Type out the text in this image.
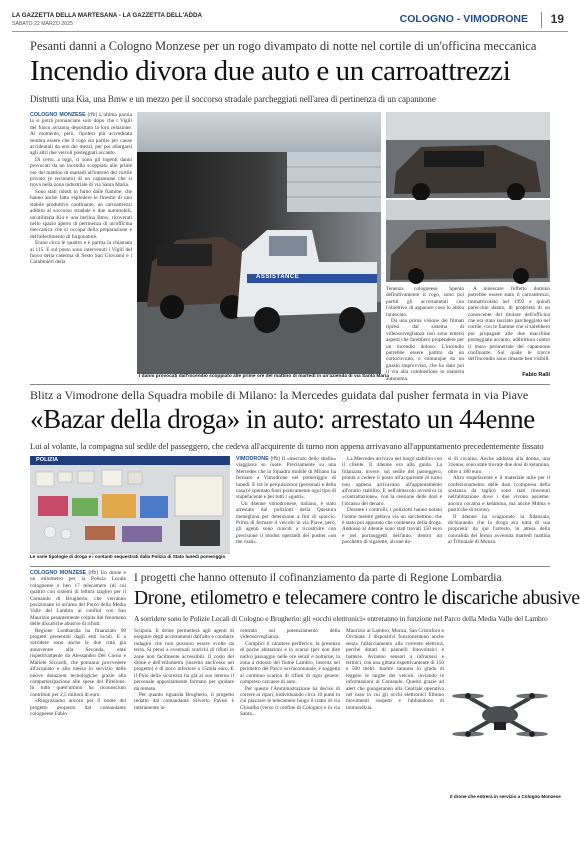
LA GAZZETTA DELLA MARTESANA - LA GAZZETTA DELL'ADDA
SABATO 22 MARZO 2025	COLOGNO - VIMODRONE 19
Pesanti danni a Cologno Monzese per un rogo divampato di notte nel cortile di un'officina meccanica
Incendio divora due auto e un carroattrezzi
Distrutti una Kia, una Bmw e un mezzo per il soccorso stradale parcheggiati nell'area di pertinenza di un capannone

COLOGNO MONZESE (rfb) L'ultima parola la si potrà pronunciare solo dopo che i Vigili del fuoco avranno depositato la loro relazione. Al momento, però, l'ipotesi più accreditata sembra essere che il rogo sia partito per cause accidentali da uno dei mezzi, per poi allargarsi agli altri due veicoli posteggiati accanto.

Di certo, a oggi, ci sono gli ingenti danni provocati da un incendio scoppiato alle prime ore del mattino di martedì all'interno del cortile privato (e recintato) di un capannone che si trova nella zona industriale di via Santa Maria.

Sono stati ridotti in fumo dalle fiamme, che hanno anche fatto esplodere le finestre di uno stabile produttivo confinante, un carroattrezzi adibito al soccorso stradale e due automobili, un'utilitaria Kia e una berlina Bmw, ricoverati nello spazio aperto di pertinenza di un'officina meccanica che si occupa della preparazione e dell'allestimento di furgonature.

Erano circa le quattro e è partita la chiamata al 115. E sul posto sono intervenuti i Vigili del fuoco della caserma di Sesto San Giovanni e i Carabinieri della

ASSISTANCE
I danni provocati dall'incendio scoppiato alle prime ore del mattino di martedì in un'azienda di via Santa Maria

Tenenza cologneese. Spento definitivamente il rogo, sono poi partiti gli accertamenti con l'obiettivo di appurare cosa lo abbia innescato.

Da una prima visione dei filmati ripresi dal sistema di videosorveglianza non sono emersi aspetti che farebbero propendere per un incendio doloso. L'incendio potrebbe essere partito da un cortocircuito, o comunque da un guasto improvviso, che ha dato poi il via alla combustione in maniera autonoma.

A innescare l'effetto domino potrebbe essere stato il carroattrezzi, immatricolato nel 1992 e quindi parecchio datato, di proprietà di un conoscente del titolare dell'officina che era stato lasciato parcheggiato nel cortile, con le fiamme che si sarebbero poi propagate alle due macchine posteggiate accanto, addirittura contro il muro perimetrale del capannone confinante. Sul quale le tracce dell'incendio sono rimaste ben visibili.

Fabio Ralli
Blitz a Vimodrone della Squadra mobile di Milano: la Mercedes guidata dal pusher fermata in via Piave
«Bazar della droga» in auto: arrestato un 44enne
Lui al volante, la compagna sul sedile del passeggero, che cedeva all'acquirente di turno non appena arrivavano all'appuntamento precedentemente fissato
POLIZIA
Le varie tipologie di droga e i contanti sequestrati dalla Polizia di Stato lunedì pomeriggio

VIMODRONE (rfb) Il «mercato dello sballo» viaggiava su ruote. Precisamente su una Mercedes che la Squadra mobile di Milano ha fermato a Vimodrone nel pomeriggio di lunedì. E tra le perquisizioni (personali e della casa) è spuntato fuori praticamente ogni tipo di stupefacente e per tutti i «gusti».

Un 44enne vimodronese, italiano, è stato arrestato dai poliziotti della Questura meneghina per detenzione a fini di spaccio. Prima di fermare il veicolo in via Piave, però, gli agenti sono riusciti a ricostruire con precisione il modus operandi del pusher «on the road».

La Mercedes arrivava nel luogo stabilito con il cliente. Il 44enne era alla guida. La fidanzata, invece, sul sedile del passeggero, pronta a cedere il posto all'acquirente di turno non appena arrivavano all'appuntamento all'orario stabilito. E nell'abitacolo avveniva la «contrattazione», con la cessione delle dosi e l'incasso del denaro.

Durante i controlli, i poliziotti hanno notato l'uomo mentre gettava via un sacchettino, che è stato poi appurato che conteneva della droga. Addosso al 44enne sono stati trovati 150 euro e nel portaoggetti dell'auto, dentro un pacchetto di sigarette, alcune do-

si di cocaina. Anche addosso alla donna, una 31enne, sono state trovate due dosi di ketamina, oltre a 180 euro.

Altro stupefacente e il materiale utile per il confezionamento delle dosi (compresa della sostanza da taglio) sono stati rinvenuti nell'abitazione dove i due vivono assieme: ancora cocaina e ketamina, ma anche Mdma e pasticche di ecstasy.

Il 44enne ha scagionato la fidanzata, dichiarando che la droga era tutta di sua proprietà: da qui l'arresto, in attesa della convalida del fermo avvenuta martedì mattina al Tribunale di Monza.

COLOGNO MONZESE (rfb) Un drone e un etilometro per la Polizia Locale cologneese e ben 17 telecamere (di cui quattro con sistemi di lettura targhe) per il Comando di Brugherio, che verranno posizionate in un'area del Parco della Media Valle del Lambro ai confini con San Maurizio pesantemente colpita dal fenomeno delle discariche abusive di rifiuti.

Regione Lombardia ha finanziato 98 progetti presentati dagli enti locali. E a sorridere sono anche le due città già annoverate alla Seconda, ente rispettivamente da Alessandro Del Corno e Mariele Siccardi, che potranno provvedere all'acquisto e alla messa in servizio delle nuove dotazioni tecnologiche grazie alla compartecipazione alle spese del Pirellone. In tutto quest'ultimo ha riconosciuto contributi per 2,5 milioni di euro.

«Ringraziamo ancora per il nome del progetto proposto dal comandante cologneese Fabio

I progetti che hanno ottenuto il cofinanziamento da parte di Regione Lombardia
Drone, etilometro e telecamere contro le discariche abusive
A sorridere sono le Polizie Locali di Cologno e Brugherio: gli «occhi elettronici» entreranno in funzione nel Parco della Media Valle del Lambro

Scupola. Il drone permetterà agli agenti di eseguire degli accertamenti dall'alto e condurre indagini che non possono essere svolte da terra. Si pensi a eventuali scarichi di rifiuti in zone non facilmente accessibili. Il costo del drone e dell'etilometro (inserito anch'esso nel progetto) è di poco inferiore a 15mila euro. E il Polo della sicurezza ha già al suo interno il personale appositamente formato per guidare da remoto.

Per quanto riguarda Brugherio, il progetto redatto dal comandante Silverio Pavesi è interamente in-

centrato sul potenziamento della videosorveglianza.

Complici il carattere periferico, la presenza di poche abitazioni e lo scarso (per non dire nullo) passaggio nelle ore serali e notturne, la zona a ridosso del fiume Lambro, inserita nel perimetro del Parco sovracomunale, è soggetta al continuo scarico di rifiuti di ogni genere: compreso carcasse di auto.

Per questo l'Amministrazione ha deciso di correre ai ripari, individuando circa 10 punti in cui piazzare le telecamere lungo il tratto di via Ghisalba (verso il confine di Cologno) e in via Santa...

Maurizio al Lambro, Monza, San Cristoforo e Occhiate. I dispositivi funzioneranno anche senza l'allacciamento alla corrente elettrica, perché dotati di pannelli fotovoltaici e batterie. Avranno sensori a infrarossi e termici, con una gittata rispettivamente di 150 e 500 metri. Inoltre saranno in grado di leggere le targhe dei veicoli, inviando le informazioni al Comando. Questo grazie ad alert che giungeranno alla Centrale operativa nel caso in cui gli occhi elettronici filmino movimenti sospetti e l'abbandono di immondizia.

Il drone che entrerà in servizio a Cologno Monzese
